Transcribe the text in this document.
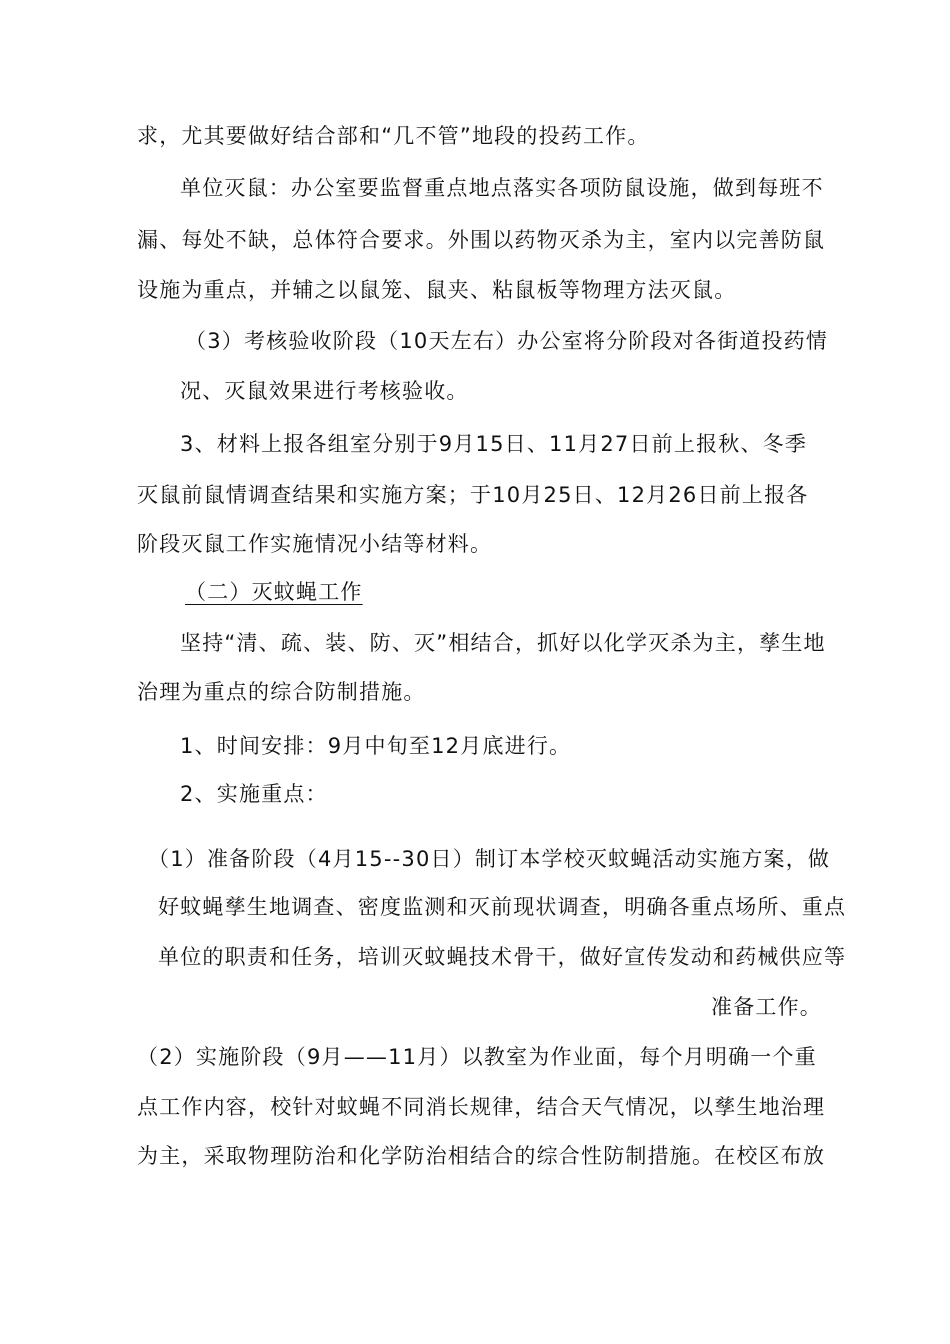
求，尤其要做好结合部和“几不管”地段的投药工作。
单位灭鼠：办公室要监督重点地点落实各项防鼠设施，做到每班不
漏、每处不缺，总体符合要求。外围以药物灭杀为主，室内以完善防鼠
设施为重点，并辅之以鼠笼、鼠夹、粘鼠板等物理方法灭鼠。
（3）考核验收阶段（10天左右）办公室将分阶段对各街道投药情
况、灭鼠效果进行考核验收。
3、材料上报各组室分别于9月15日、11月27日前上报秋、冬季
灭鼠前鼠情调查结果和实施方案；于10月25日、12月26日前上报各
阶段灭鼠工作实施情况小结等材料。
（二）灭蚊蝇工作
坚持“清、疏、装、防、灭”相结合，抓好以化学灭杀为主，孳生地
治理为重点的综合防制措施。
1、时间安排：9月中旬至12月底进行。
2、实施重点：
（1）准备阶段（4月15--30日）制订本学校灭蚊蝇活动实施方案，做
好蚊蝇孳生地调查、密度监测和灭前现状调查，明确各重点场所、重点
单位的职责和任务，培训灭蚊蝇技术骨干，做好宣传发动和药械供应等
准备工作。
（2）实施阶段（9月——11月）以教室为作业面，每个月明确一个重
点工作内容，校针对蚊蝇不同消长规律，结合天气情况，以孳生地治理
为主，采取物理防治和化学防治相结合的综合性防制措施。在校区布放
